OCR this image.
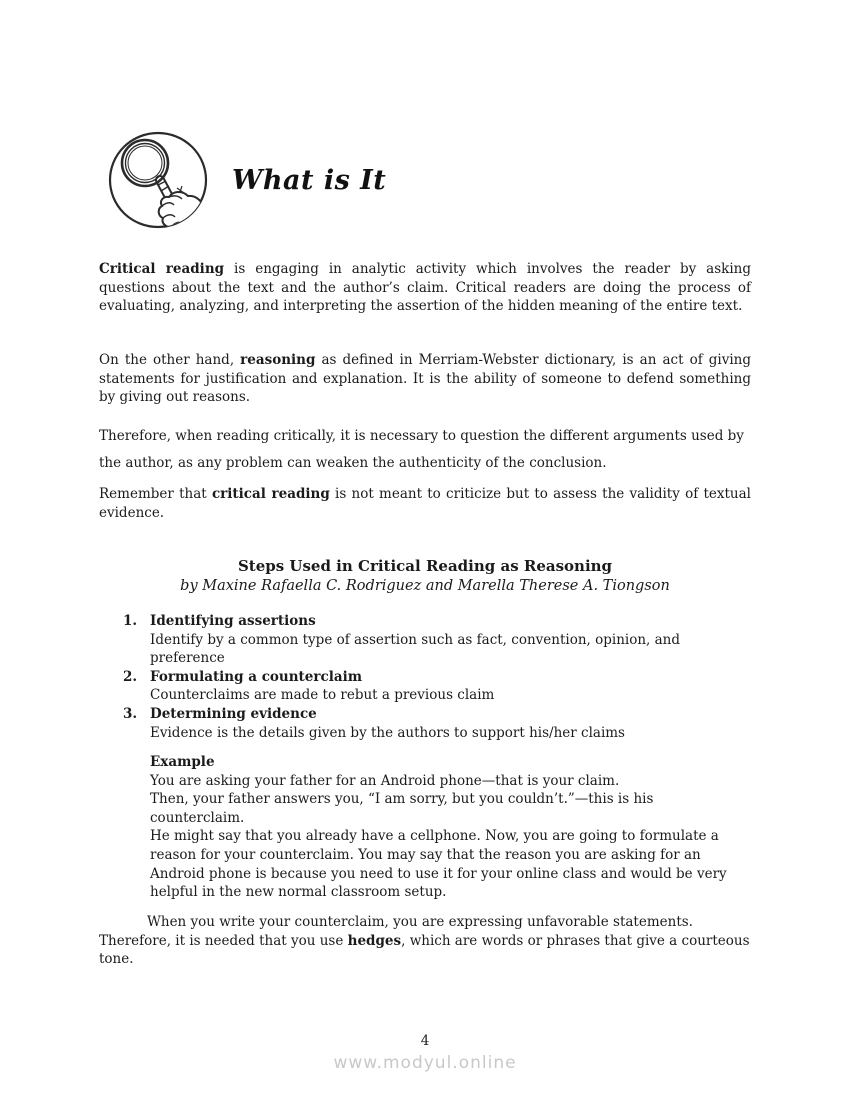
What is It
Critical reading is engaging in analytic activity which involves the reader by asking questions about the text and the author’s claim. Critical readers are doing the process of evaluating, analyzing, and interpreting the assertion of the hidden meaning of the entire text.
On the other hand, reasoning as defined in Merriam-Webster dictionary, is an act of giving statements for justification and explanation. It is the ability of someone to defend something by giving out reasons.
Therefore, when reading critically, it is necessary to question the different arguments used by the author, as any problem can weaken the authenticity of the conclusion.
Remember that critical reading is not meant to criticize but to assess the validity of textual evidence.
Steps Used in Critical Reading as Reasoning
by Maxine Rafaella C. Rodriguez and Marella Therese A. Tiongson
1. Identifying assertions
Identify by a common type of assertion such as fact, convention, opinion, and preference
2. Formulating a counterclaim
Counterclaims are made to rebut a previous claim
3. Determining evidence
Evidence is the details given by the authors to support his/her claims
Example
You are asking your father for an Android phone—that is your claim.
Then, your father answers you, “I am sorry, but you couldn’t.”—this is his counterclaim.
He might say that you already have a cellphone. Now, you are going to formulate a reason for your counterclaim. You may say that the reason you are asking for an Android phone is because you need to use it for your online class and would be very helpful in the new normal classroom setup.
When you write your counterclaim, you are expressing unfavorable statements. Therefore, it is needed that you use hedges, which are words or phrases that give a courteous tone.
4
www.modyul.online
